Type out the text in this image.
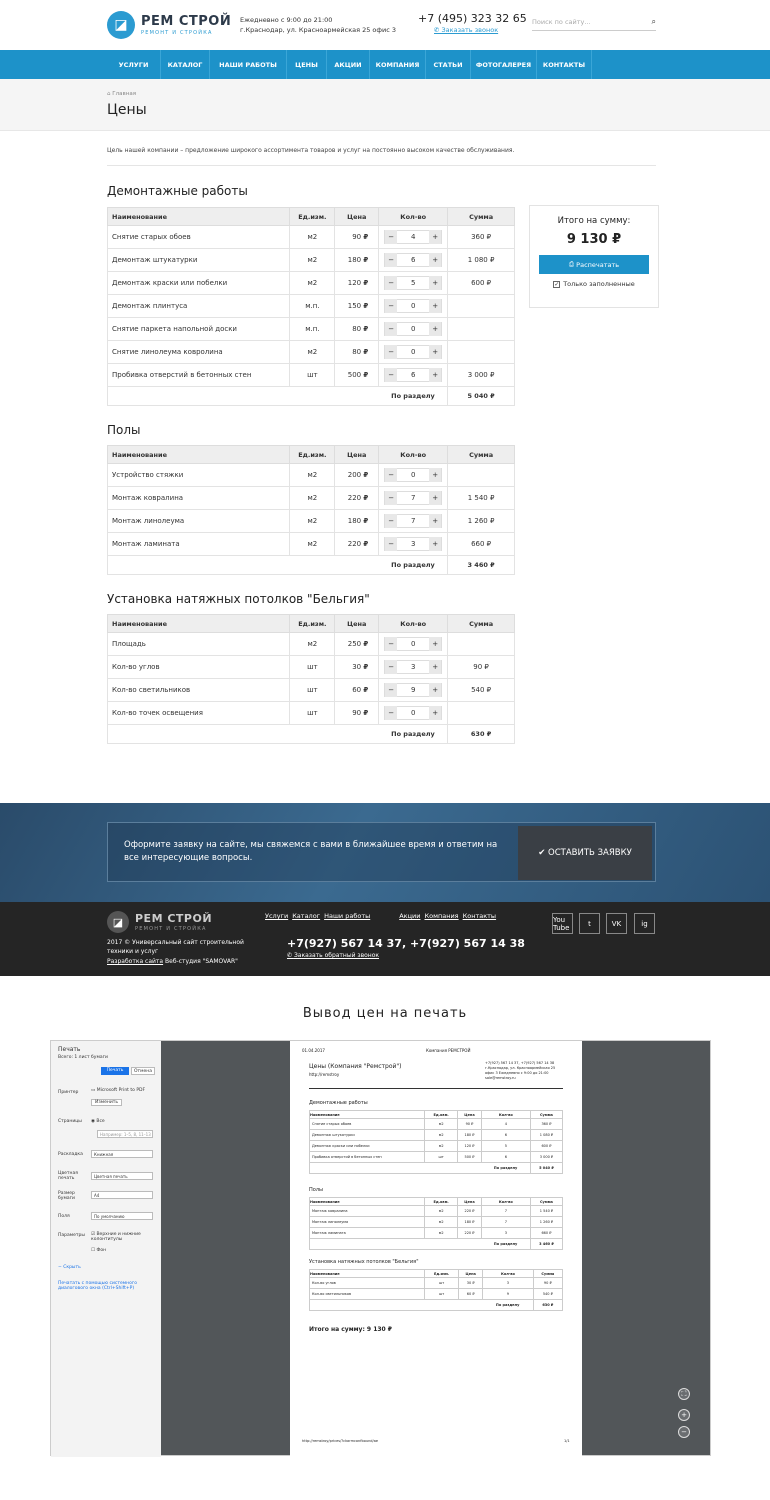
◪	РЕМ СТРОЙ
РЕМОНТ И СТРОЙКА
Ежедневно с 9:00 до 21:00
г.Краснодар, ул. Красноармейская 25 офис 3
+7 (495) 323 32 65
✆ Заказать звонок
Поиск по сайту...	⌕
УСЛУГИ	КАТАЛОГ	НАШИ РАБОТЫ	ЦЕНЫ	АКЦИИ	КОМПАНИЯ	СТАТЬИ	ФОТОГАЛЕРЕЯ	КОНТАКТЫ
⌂ Главная
Цены
Цель нашей компании – предложение широкого ассортимента товаров и услуг на постоянно высоком качестве обслуживания.
Демонтажные работы
Наименование	Ед.изм.	Цена	Кол-во	Сумма
Снятие старых обоев	м2	90 ₽	− 4 +	360 ₽
Демонтаж штукатурки	м2	180 ₽	− 6 +	1 080 ₽
Демонтаж краски или побелки	м2	120 ₽	− 5 +	600 ₽
Демонтаж плинтуса	м.п.	150 ₽	− 0 +	

Снятие паркета напольной доски	м.п.	80 ₽	− 0 +	

Снятие линолеума ковролина	м2	80 ₽	− 0 +	

Пробивка отверстий в бетонных стен	шт	500 ₽	− 6 +	3 000 ₽
			По разделу	5 040 ₽
Полы
Наименование	Ед.изм.	Цена	Кол-во	Сумма
Устройство стяжки	м2	200 ₽	− 0 +	

Монтаж ковралина	м2	220 ₽	− 7 +	1 540 ₽
Монтаж линолеума	м2	180 ₽	− 7 +	1 260 ₽
Монтаж ламината	м2	220 ₽	− 3 +	660 ₽
			По разделу	3 460 ₽
Установка натяжных потолков "Бельгия"
Наименование	Ед.изм.	Цена	Кол-во	Сумма
Площадь	м2	250 ₽	− 0 +	

Кол-во углов	шт	30 ₽	− 3 +	90 ₽
Кол-во светильников	шт	60 ₽	− 9 +	540 ₽
Кол-во точек освещения	шт	90 ₽	− 0 +	

			По разделу	630 ₽
Итого на сумму:
9 130 ₽
⎙ Распечатать
✓ Только заполненные
Оформите заявку на сайте, мы свяжемся с вами в ближайшее время и ответим на все интересующие вопросы.	✔ ОСТАВИТЬ ЗАЯВКУ
◪	РЕМ СТРОЙ
РЕМОНТ И СТРОЙКА
2017 © Универсальный сайт строительной техники и услуг
Разработка сайта Веб-студия "SAMOVAR"
Услуги Каталог Наши работы	Акции Компания Контакты
+7(927) 567 14 37, +7(927) 567 14 38
✆ Заказать обратный звонок
You Tube	t	VK	ig
Вывод цен на печать
Печать
Всего: 1 лист бумаги
Печать	Отмена
Принтер	▭ Microsoft Print to PDF
Изменить
Страницы ◉ Все
Например: 1–5, 8, 11–13
Раскладка	Книжная
Цветная печать	Цветная печать
Размер бумаги
A4
Поля	По умолчанию
Параметры ☑ Верхние и нижние колонтитулы
☐ Фон
− Скрыть
Печатать с помощью системного диалогового окна (Ctrl+Shift+P)
01.04.2017	Компания РЕМСТРОЙ
Цены (Компания "Ремстрой")
http://remstroy
+7(927) 567 14 37, +7(927) 567 14 38 г.Краснодар, ул. Красноармейская 25 офис 3 Ежедневно с 9:00 до 21:00 sale@remstroy.ru
Итого на сумму: 9 130 ₽
http://remstroy/prices/?ckarmconfbound/ae	1/1
Демонтажные работы
Наименование	Ед.изм.	Цена	Кол-во	Сумма
Снятие старых обоев	м2	90 ₽	4	360 ₽
Демонтаж штукатурки	м2	180 ₽	6	1 080 ₽
Демонтаж краски или побелки	м2	120 ₽	5	600 ₽
Пробивка отверстий в бетонных стен	шт	500 ₽	6	3 000 ₽
			По разделу	5 040 ₽
Полы
Наименование	Ед.изм.	Цена	Кол-во	Сумма
Монтаж ковралина	м2	220 ₽	7	1 540 ₽
Монтаж линолеума	м2	180 ₽	7	1 260 ₽
Монтаж ламината	м2	220 ₽	3	660 ₽
			По разделу	3 460 ₽
Установка натяжных потолков "Бельгия"
Наименование	Ед.изм.	Цена	Кол-во	Сумма
Кол-во углов	шт	30 ₽	3	90 ₽
Кол-во светильников	шт	60 ₽	9	540 ₽
			По разделу	630 ₽
⛶
+
−
